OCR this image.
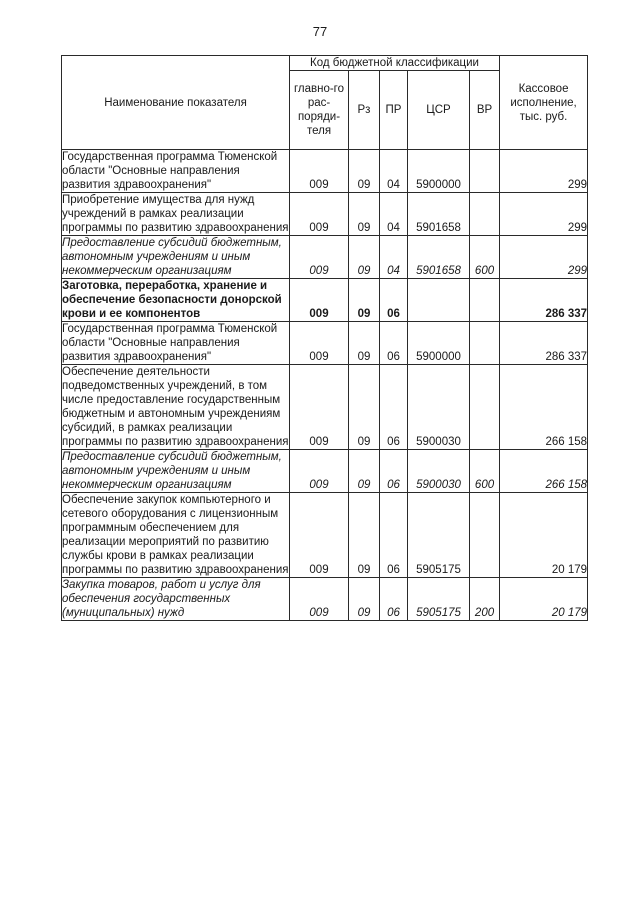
77
Наименование показателя	Код бюджетной классификации					Кассовое исполнение, тыс. руб.
	главно-го рас-поряди-теля	Рз	ПР	ЦСР	ВР	
Государственная программа Тюменской области "Основные направления развития здравоохранения"	009	09	04	5900000		299
Приобретение имущества для нужд учреждений в рамках реализации программы по развитию здравоохранения	009	09	04	5901658		299
Предоставление субсидий бюджетным, автономным учреждениям и иным некоммерческим организациям	009	09	04	5901658	600	299
Заготовка, переработка, хранение и обеспечение безопасности донорской крови и ее компонентов	009	09	06			286 337
Государственная программа Тюменской области "Основные направления развития здравоохранения"	009	09	06	5900000		286 337
Обеспечение деятельности подведомственных учреждений, в том числе предоставление государственным бюджетным и автономным учреждениям субсидий, в рамках реализации программы по развитию здравоохранения	009	09	06	5900030		266 158
Предоставление субсидий бюджетным, автономным учреждениям и иным некоммерческим организациям	009	09	06	5900030	600	266 158
Обеспечение закупок компьютерного и сетевого оборудования с лицензионным программным обеспечением для реализации мероприятий по развитию службы крови в рамках реализации программы по развитию здравоохранения	009	09	06	5905175		20 179
Закупка товаров, работ и услуг для обеспечения государственных (муниципальных) нужд	009	09	06	5905175	200	20 179
